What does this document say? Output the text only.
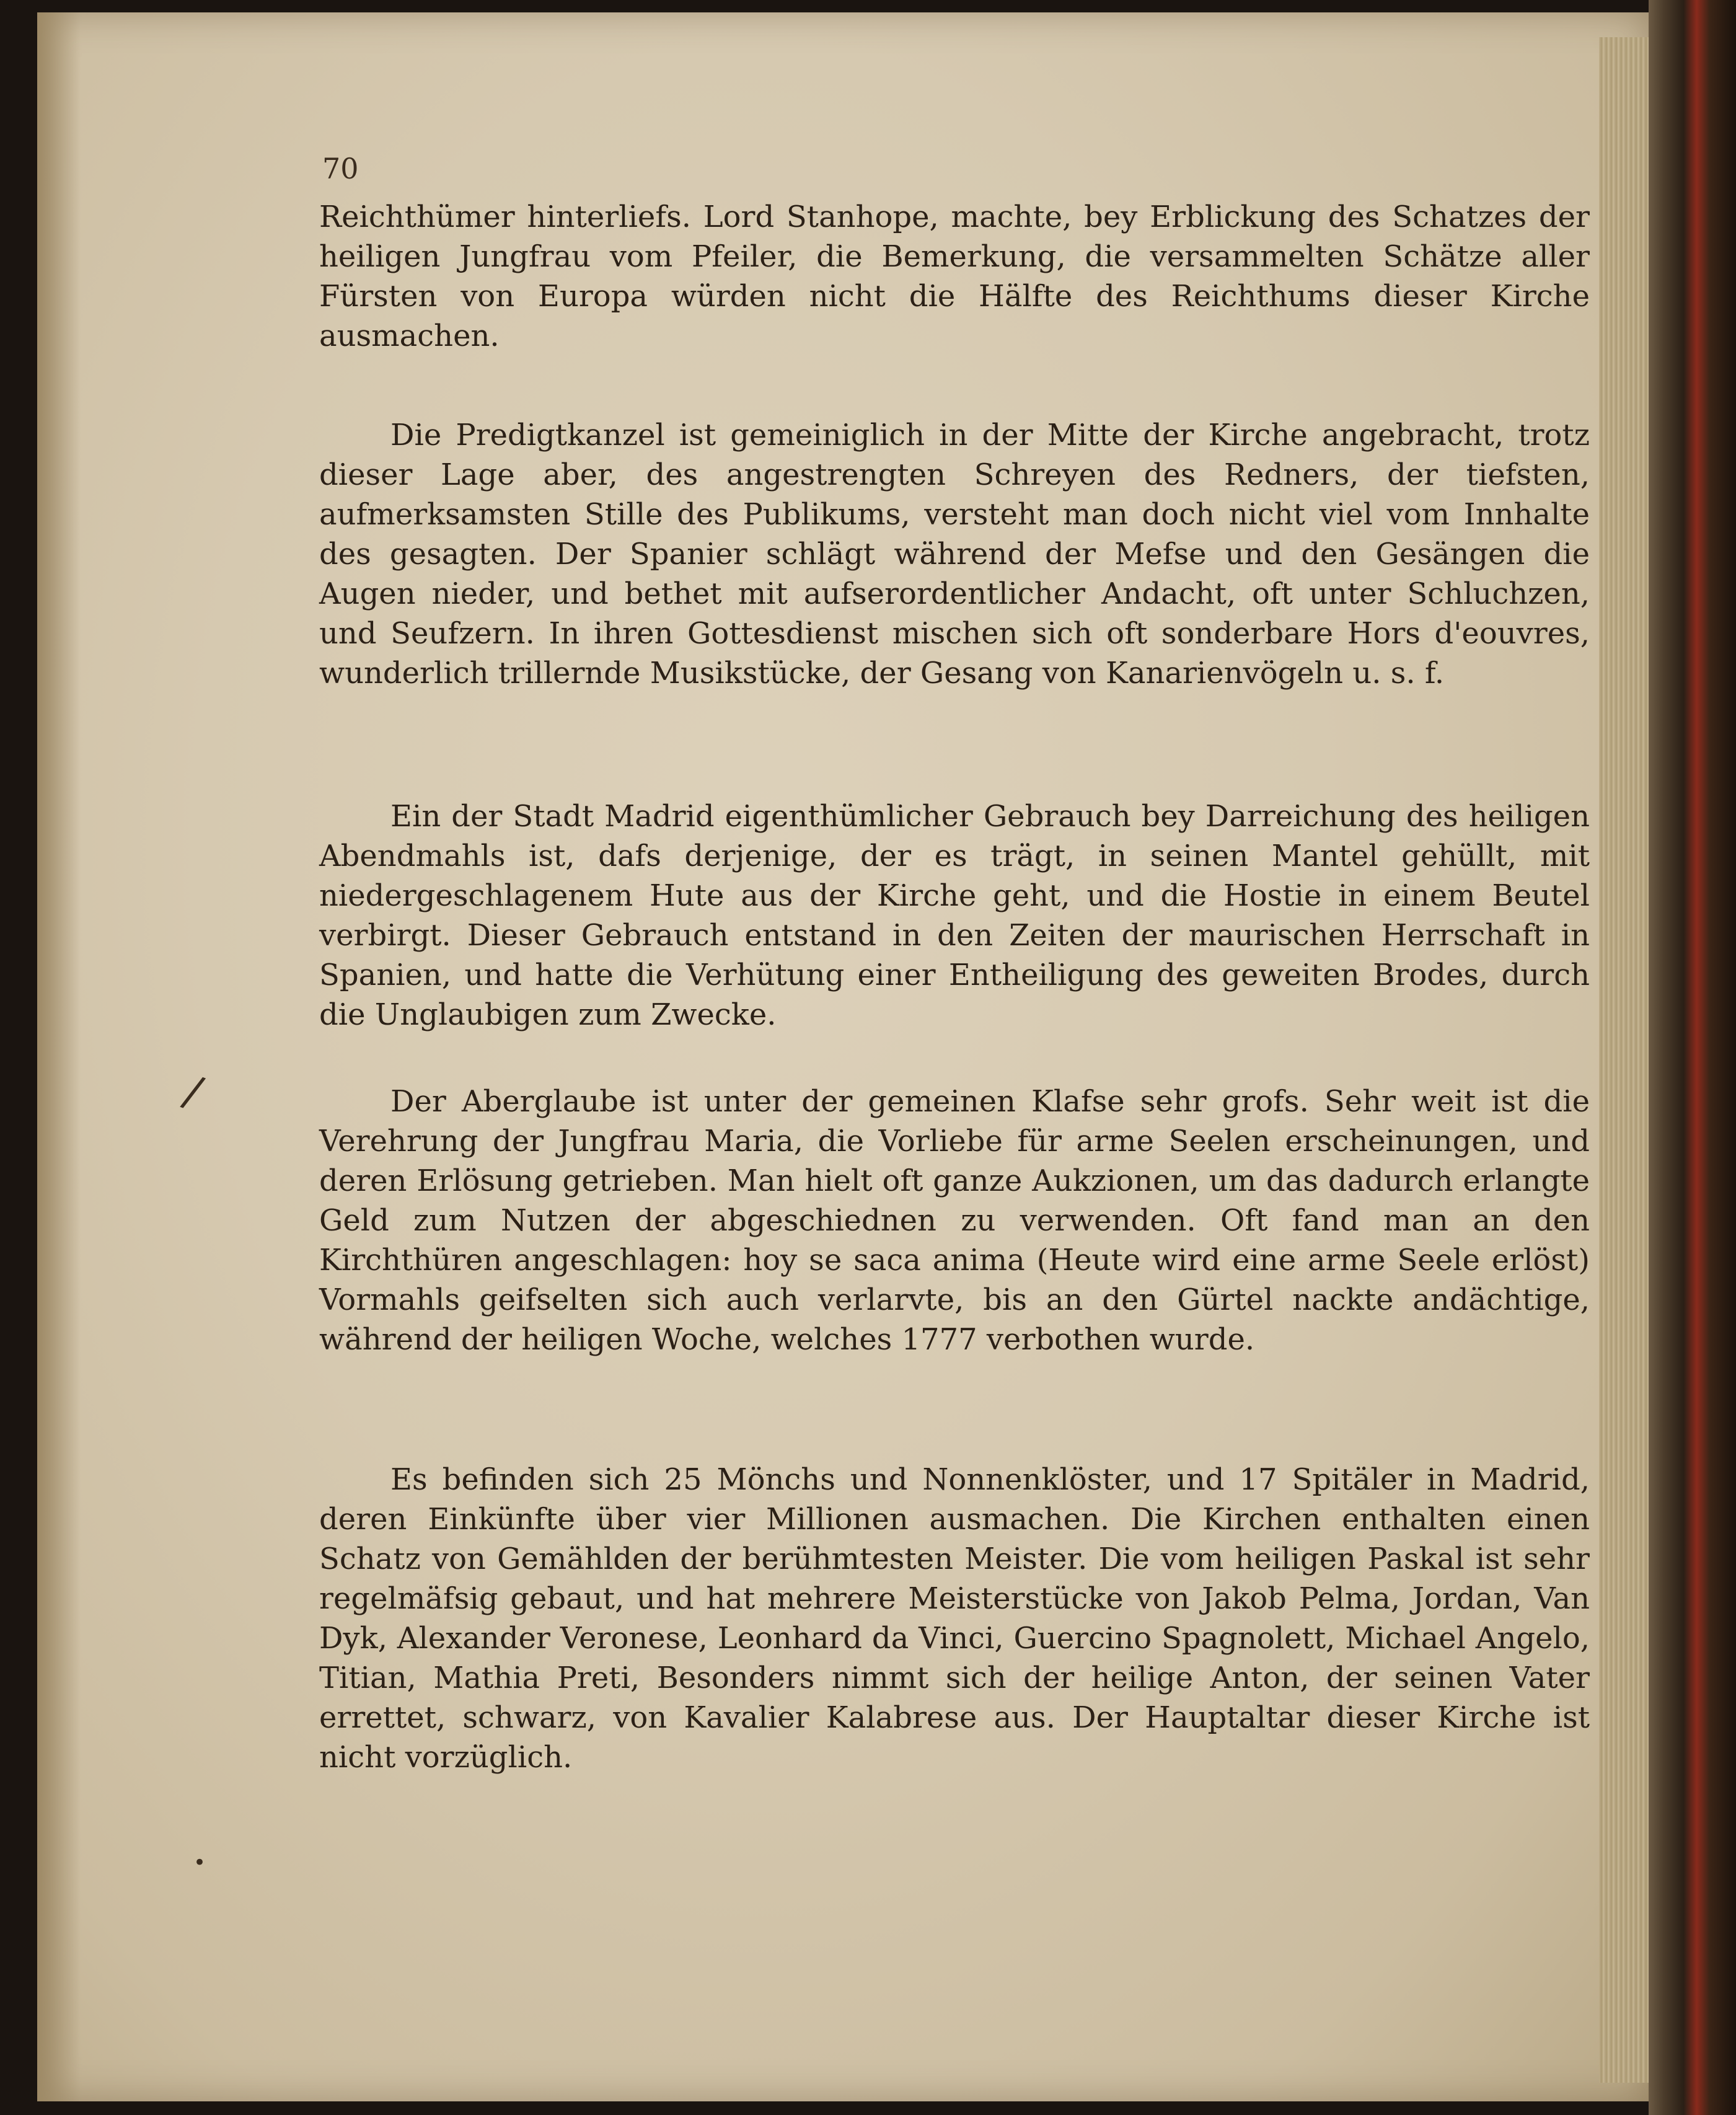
70

Reichthümer hinterliefs. Lord Stanhope, machte, bey Erblickung des Schatzes der heiligen Jungfrau vom Pfeiler, die Bemerkung, die versammelten Schätze aller Fürsten von Europa würden nicht die Hälfte des Reichthums dieser Kirche ausmachen.

Die Predigtkanzel ist gemeiniglich in der Mitte der Kirche angebracht, trotz dieser Lage aber, des angestrengten Schreyen des Redners, der tiefsten, aufmerksamsten Stille des Publikums, versteht man doch nicht viel vom Innhalte des gesagten. Der Spanier schlägt während der Mefse und den Gesängen die Augen nieder, und bethet mit aufserordentlicher Andacht, oft unter Schluchzen, und Seufzern. In ihren Gottesdienst mischen sich oft sonderbare Hors d'eouvres, wunderlich trillernde Musikstücke, der Gesang von Kanarienvögeln u. s. f.

Ein der Stadt Madrid eigenthümlicher Gebrauch bey Darreichung des heiligen Abendmahls ist, dafs derjenige, der es trägt, in seinen Mantel gehüllt, mit niedergeschlagenem Hute aus der Kirche geht, und die Hostie in einem Beutel verbirgt. Dieser Gebrauch entstand in den Zeiten der maurischen Herrschaft in Spanien, und hatte die Verhütung einer Entheiligung des geweiten Brodes, durch die Unglaubigen zum Zwecke.

Der Aberglaube ist unter der gemeinen Klafse sehr grofs. Sehr weit ist die Verehrung der Jungfrau Maria, die Vorliebe für arme Seelen erscheinungen, und deren Erlösung getrieben. Man hielt oft ganze Aukzionen, um das dadurch erlangte Geld zum Nutzen der abgeschiednen zu verwenden. Oft fand man an den Kirchthüren angeschlagen: hoy se saca anima (Heute wird eine arme Seele erlöst) Vormahls geifselten sich auch verlarvte, bis an den Gürtel nackte andächtige, während der heiligen Woche, welches 1777 verbothen wurde.

Es befinden sich 25 Mönchs und Nonnenklöster, und 17 Spitäler in Madrid, deren Einkünfte über vier Millionen ausmachen. Die Kirchen enthalten einen Schatz von Gemählden der berühmtesten Meister. Die vom heiligen Paskal ist sehr regelmäfsig gebaut, und hat mehrere Meisterstücke von Jakob Pelma, Jordan, Van Dyk, Alexander Veronese, Leonhard da Vinci, Guercino Spagnolett, Michael Angelo, Titian, Mathia Preti, Besonders nimmt sich der heilige Anton, der seinen Vater errettet, schwarz, von Kavalier Kalabrese aus. Der Hauptaltar dieser Kirche ist nicht vorzüglich.

/
•
